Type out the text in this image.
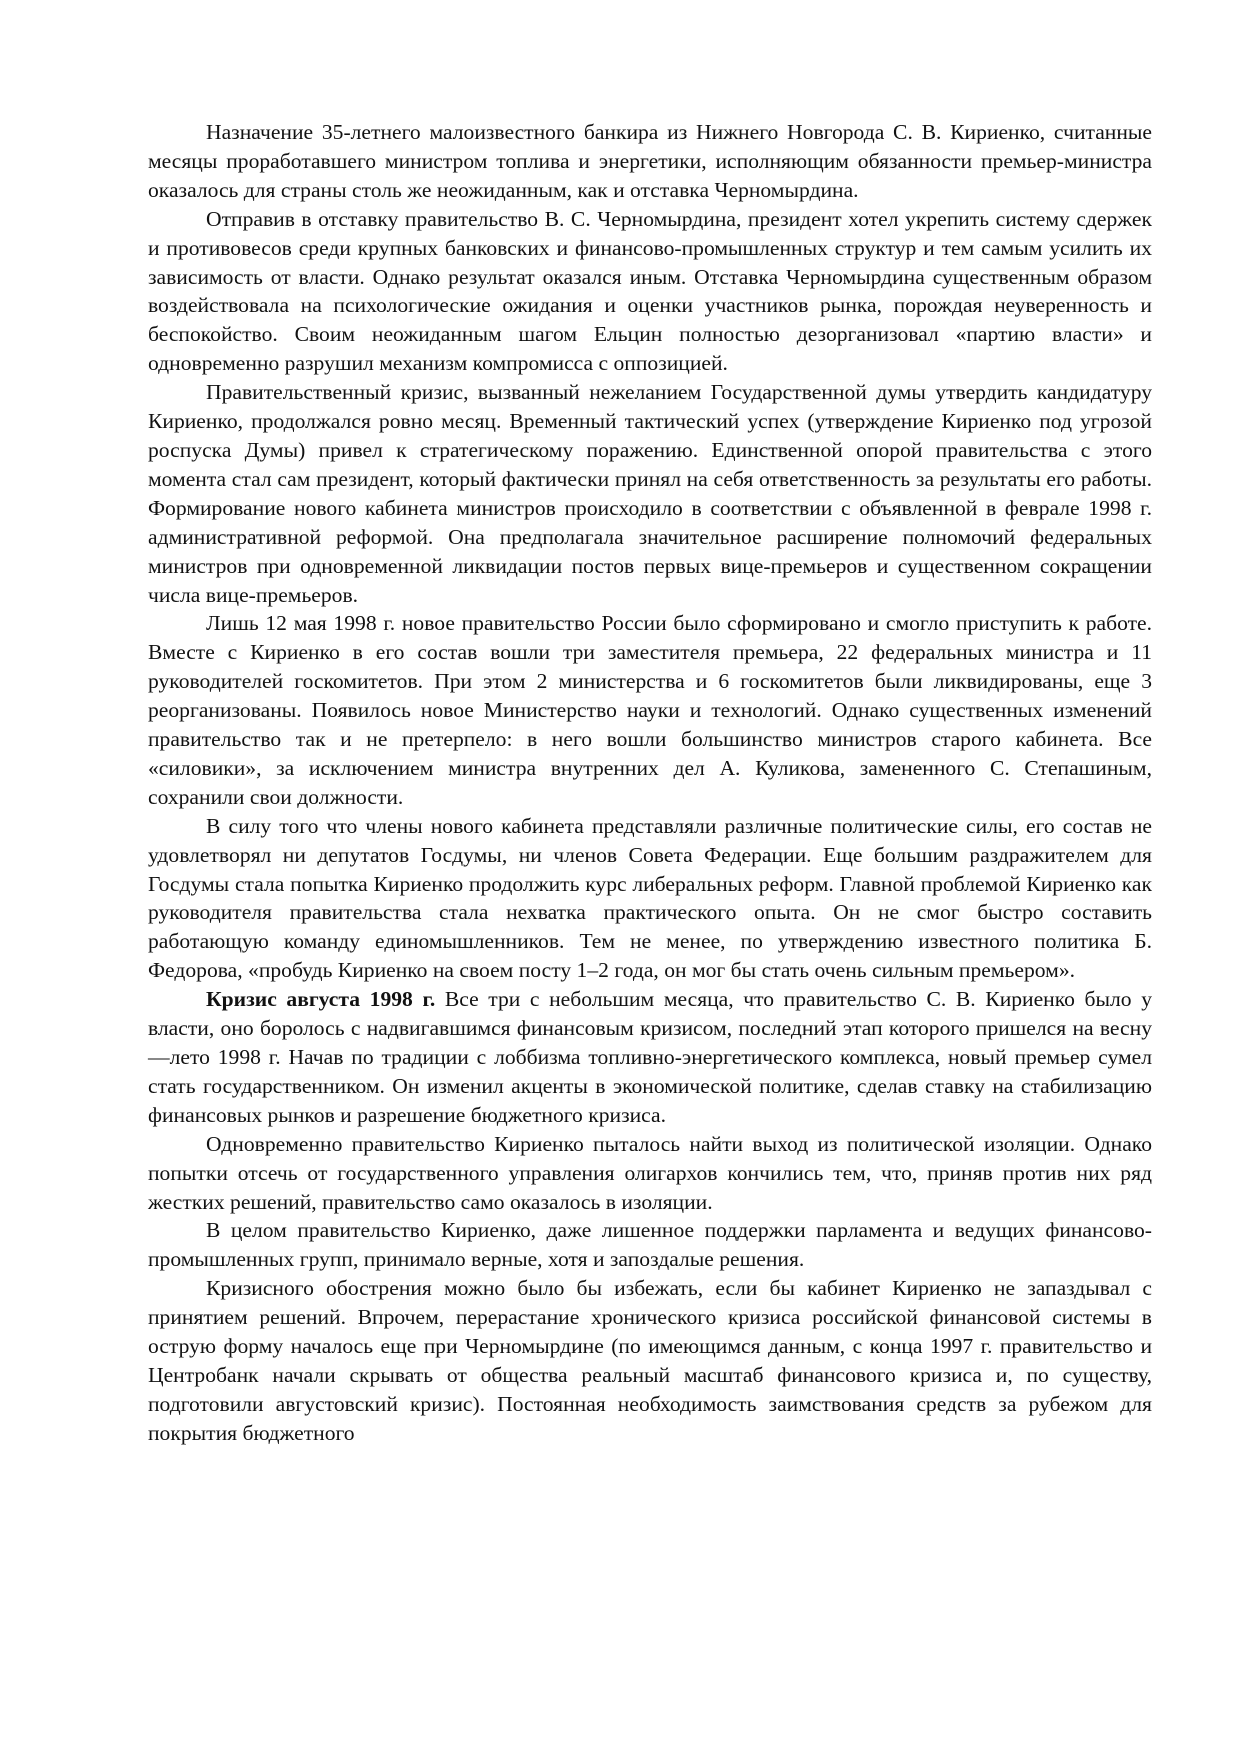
Назначение 35-летнего малоизвестного банкира из Нижнего Новгорода С. В. Кириенко, считанные месяцы проработавшего министром топлива и энергетики, исполняющим обязанности премьер-министра оказалось для страны столь же неожиданным, как и отставка Черномырдина.

Отправив в отставку правительство В. С. Черномырдина, президент хотел укрепить систему сдержек и противовесов среди крупных банковских и финансово-промышленных структур и тем самым усилить их зависимость от власти. Однако результат оказался иным. Отставка Черномырдина существенным образом воздействовала на психологические ожидания и оценки участников рынка, порождая неуверенность и беспокойство. Своим неожиданным шагом Ельцин полностью дезорганизовал «партию власти» и одновременно разрушил механизм компромисса с оппозицией.

Правительственный кризис, вызванный нежеланием Государственной думы утвердить кандидатуру Кириенко, продолжался ровно месяц. Временный тактический успех (утверждение Кириенко под угрозой роспуска Думы) привел к стратегическому поражению. Единственной опорой правительства с этого момента стал сам президент, который фактически принял на себя ответственность за результаты его работы. Формирование нового кабинета министров происходило в соответствии с объявленной в феврале 1998 г. административной реформой. Она предполагала значительное расширение полномочий федеральных министров при одновременной ликвидации постов первых вице-премьеров и существенном сокращении числа вице-премьеров.

Лишь 12 мая 1998 г. новое правительство России было сформировано и смогло приступить к работе. Вместе с Кириенко в его состав вошли три заместителя премьера, 22 федеральных министра и 11 руководителей госкомитетов. При этом 2 министерства и 6 госкомитетов были ликвидированы, еще 3 реорганизованы. Появилось новое Министерство науки и технологий. Однако существенных изменений правительство так и не претерпело: в него вошли большинство министров старого кабинета. Все «силовики», за исключением министра внутренних дел А. Куликова, замененного С. Степашиным, сохранили свои должности.

В силу того что члены нового кабинета представляли различные политические силы, его состав не удовлетворял ни депутатов Госдумы, ни членов Совета Федерации. Еще большим раздражителем для Госдумы стала попытка Кириенко продолжить курс либеральных реформ. Главной проблемой Кириенко как руководителя правительства стала нехватка практического опыта. Он не смог быстро составить работающую команду единомышленников. Тем не менее, по утверждению известного политика Б. Федорова, «пробудь Кириенко на своем посту 1–2 года, он мог бы стать очень сильным премьером».

Кризис августа 1998 г. Все три с небольшим месяца, что правительство С. В. Кириенко было у власти, оно боролось с надвигавшимся финансовым кризисом, последний этап которого пришелся на весну—лето 1998 г. Начав по традиции с лоббизма топливно-энергетического комплекса, новый премьер сумел стать государственником. Он изменил акценты в экономической политике, сделав ставку на стабилизацию финансовых рынков и разрешение бюджетного кризиса.

Одновременно правительство Кириенко пыталось найти выход из политической изоляции. Однако попытки отсечь от государственного управления олигархов кончились тем, что, приняв против них ряд жестких решений, правительство само оказалось в изоляции.

В целом правительство Кириенко, даже лишенное поддержки парламента и ведущих финансово-промышленных групп, принимало верные, хотя и запоздалые решения.

Кризисного обострения можно было бы избежать, если бы кабинет Кириенко не запаздывал с принятием решений. Впрочем, перерастание хронического кризиса российской финансовой системы в острую форму началось еще при Черномырдине (по имеющимся данным, с конца 1997 г. правительство и Центробанк начали скрывать от общества реальный масштаб финансового кризиса и, по существу, подготовили августовский кризис). Постоянная необходимость заимствования средств за рубежом для покрытия бюджетного
